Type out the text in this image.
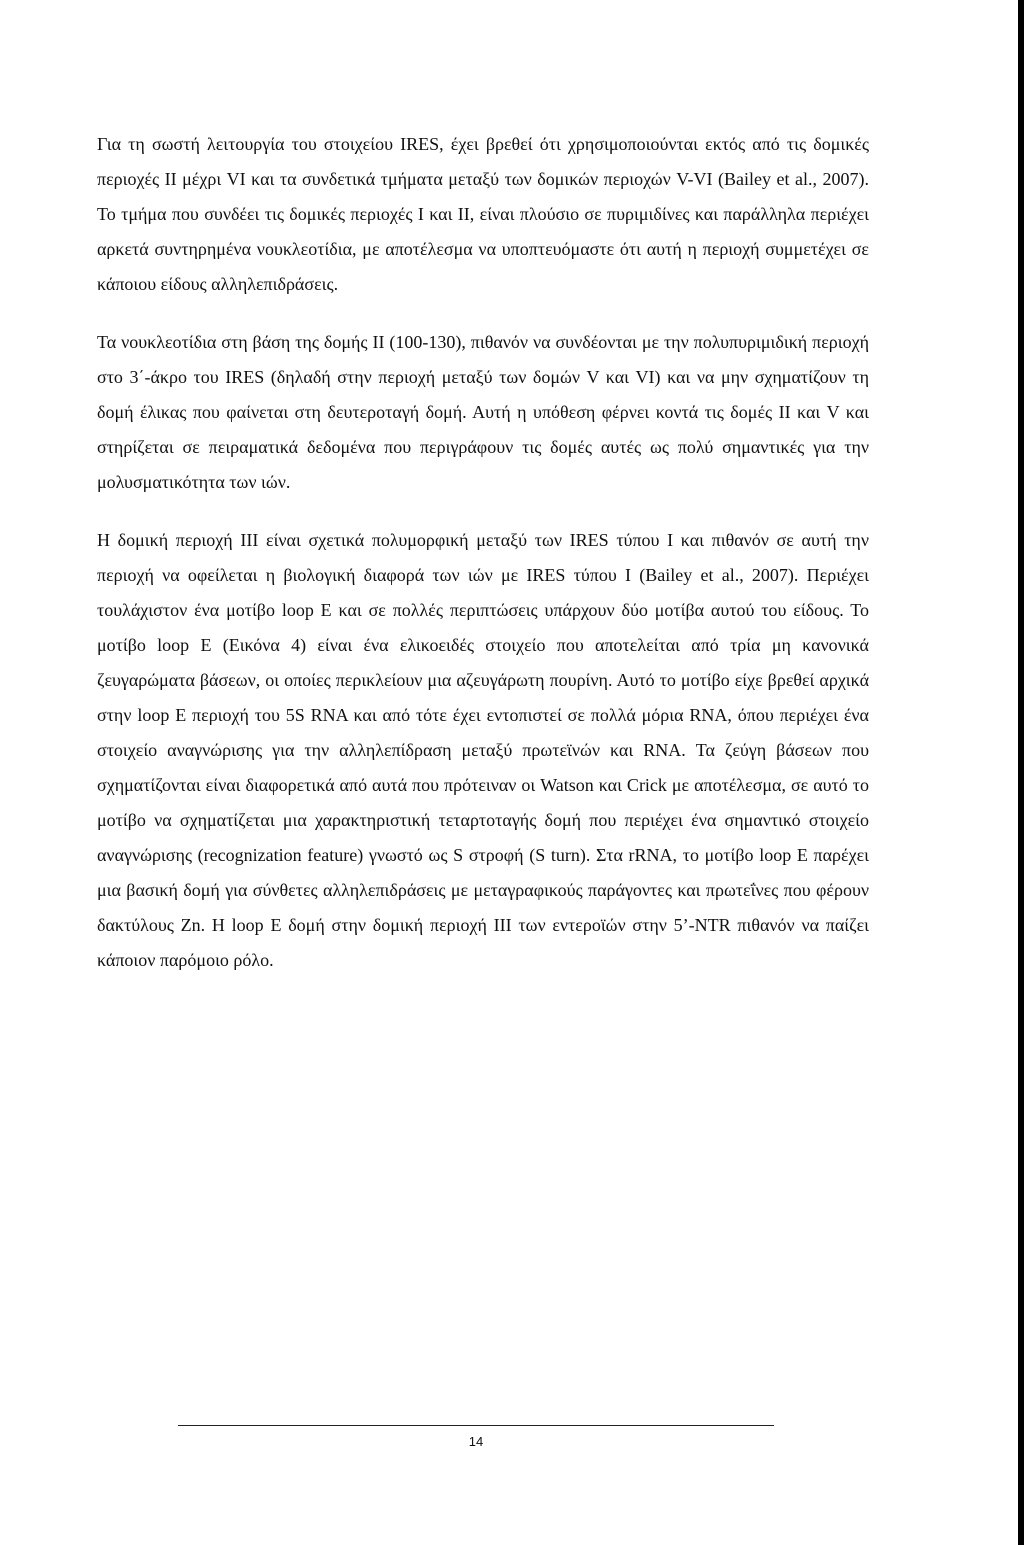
Για τη σωστή λειτουργία του στοιχείου IRES, έχει βρεθεί ότι χρησιμοποιούνται εκτός από τις δομικές περιοχές II μέχρι VI και τα συνδετικά τμήματα μεταξύ των δομικών περιοχών V-VI (Bailey et al., 2007). Το τμήμα που συνδέει τις δομικές περιοχές I και II, είναι πλούσιο σε πυριμιδίνες και παράλληλα περιέχει αρκετά συντηρημένα νουκλεοτίδια, με αποτέλεσμα να υποπτευόμαστε ότι αυτή η περιοχή συμμετέχει σε κάποιου είδους αλληλεπιδράσεις.

Τα νουκλεοτίδια στη βάση της δομής II (100-130), πιθανόν να συνδέονται με την πολυπυριμιδική περιοχή στο 3΄-άκρο του IRES (δηλαδή στην περιοχή μεταξύ των δομών V και VI) και να μην σχηματίζουν τη δομή έλικας που φαίνεται στη δευτεροταγή δομή. Αυτή η υπόθεση φέρνει κοντά τις δομές II και V και στηρίζεται σε πειραματικά δεδομένα που περιγράφουν τις δομές αυτές ως πολύ σημαντικές για την μολυσματικότητα των ιών.

Η δομική περιοχή III είναι σχετικά πολυμορφική μεταξύ των IRES τύπου I και πιθανόν σε αυτή την περιοχή να οφείλεται η βιολογική διαφορά των ιών με IRES τύπου I (Bailey et al., 2007). Περιέχει τουλάχιστον ένα μοτίβο loop E και σε πολλές περιπτώσεις υπάρχουν δύο μοτίβα αυτού του είδους. Το μοτίβο loop E (Εικόνα 4) είναι ένα ελικοειδές στοιχείο που αποτελείται από τρία μη κανονικά ζευγαρώματα βάσεων, οι οποίες περικλείουν μια αζευγάρωτη πουρίνη. Αυτό το μοτίβο είχε βρεθεί αρχικά στην loop E περιοχή του 5S RNA και από τότε έχει εντοπιστεί σε πολλά μόρια RNA, όπου περιέχει ένα στοιχείο αναγνώρισης για την αλληλεπίδραση μεταξύ πρωτεϊνών και RNA. Τα ζεύγη βάσεων που σχηματίζονται είναι διαφορετικά από αυτά που πρότειναν οι Watson και Crick με αποτέλεσμα, σε αυτό το μοτίβο να σχηματίζεται μια χαρακτηριστική τεταρτοταγής δομή που περιέχει ένα σημαντικό στοιχείο αναγνώρισης (recognization feature) γνωστό ως S στροφή (S turn). Στα rRNA, το μοτίβο loop E παρέχει μια βασική δομή για σύνθετες αλληλεπιδράσεις με μεταγραφικούς παράγοντες και πρωτεΐνες που φέρουν δακτύλους Zn. Η loop E δομή στην δομική περιοχή III των εντεροϊών στην 5’-NTR πιθανόν να παίζει κάποιον παρόμοιο ρόλο.

14
